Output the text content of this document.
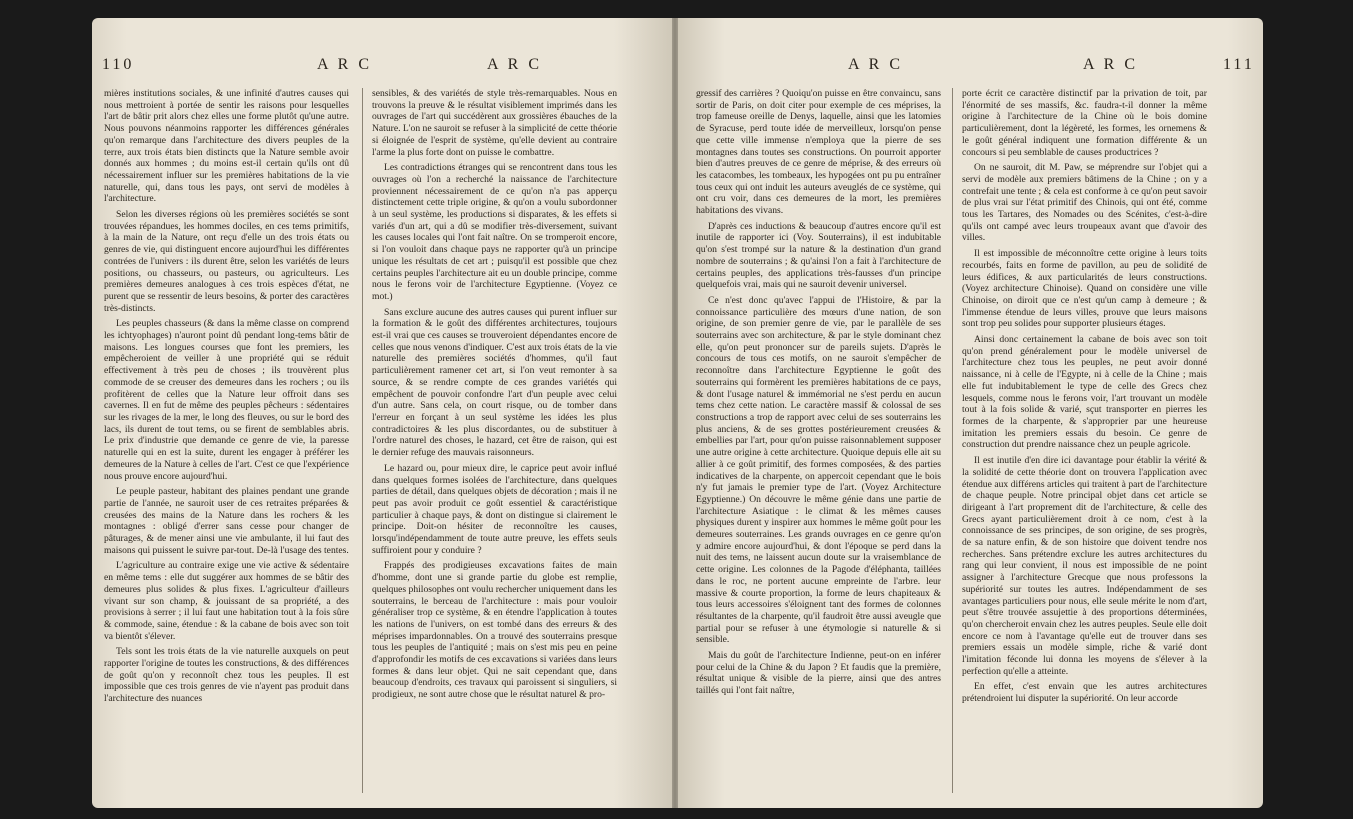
110	A R C	A R C

mières institutions sociales, & une infinité d'autres causes qui nous mettroient à portée de sentir les raisons pour lesquelles l'art de bâtir prit alors chez elles une forme plutôt qu'une autre. Nous pouvons néanmoins rapporter les différences générales qu'on remarque dans l'architecture des divers peuples de la terre, aux trois états bien distincts que la Nature semble avoir donnés aux hommes ; du moins est-il certain qu'ils ont dû nécessairement influer sur les premières habitations de la vie naturelle, qui, dans tous les pays, ont servi de modèles à l'architecture.

Selon les diverses régions où les premières sociétés se sont trouvées répandues, les hommes dociles, en ces tems primitifs, à la main de la Nature, ont reçu d'elle un des trois états ou genres de vie, qui distinguent encore aujourd'hui les différentes contrées de l'univers : ils durent être, selon les variétés de leurs positions, ou chasseurs, ou pasteurs, ou agriculteurs. Les premières demeures analogues à ces trois espèces d'état, ne purent que se ressentir de leurs besoins, & porter des caractères très-distincts.

Les peuples chasseurs (& dans la même classe on comprend les ichtyophages) n'auront point dû pendant long-tems bâtir de maisons. Les longues courses que font les premiers, les empêcheroient de veiller à une propriété qui se réduit effectivement à très peu de choses ; ils trouvèrent plus commode de se creuser des demeures dans les rochers ; ou ils profitèrent de celles que la Nature leur offroit dans ses cavernes. Il en fut de même des peuples pêcheurs : sédentaires sur les rivages de la mer, le long des fleuves, ou sur le bord des lacs, ils durent de tout tems, ou se firent de semblables abris. Le prix d'industrie que demande ce genre de vie, la paresse naturelle qui en est la suite, durent les engager à préférer les demeures de la Nature à celles de l'art. C'est ce que l'expérience nous prouve encore aujourd'hui.

Le peuple pasteur, habitant des plaines pendant une grande partie de l'année, ne sauroit user de ces retraites préparées & creusées des mains de la Nature dans les rochers & les montagnes : obligé d'errer sans cesse pour changer de pâturages, & de mener ainsi une vie ambulante, il lui faut des maisons qui puissent le suivre par-tout. De-là l'usage des tentes.

L'agriculture au contraire exige une vie active & sédentaire en même tems : elle dut suggérer aux hommes de se bâtir des demeures plus solides & plus fixes. L'agriculteur d'ailleurs vivant sur son champ, & jouissant de sa propriété, a des provisions à serrer ; il lui faut une habitation tout à la fois sûre & commode, saine, étendue : & la cabane de bois avec son toit va bientôt s'élever.

Tels sont les trois états de la vie naturelle auxquels on peut rapporter l'origine de toutes les constructions, & des différences de goût qu'on y reconnoît chez tous les peuples. Il est impossible que ces trois genres de vie n'ayent pas produit dans l'architecture des nuances

sensibles, & des variétés de style très-remarquables. Nous en trouvons la preuve & le résultat visiblement imprimés dans les ouvrages de l'art qui succédèrent aux grossières ébauches de la Nature. L'on ne sauroit se refuser à la simplicité de cette théorie si éloignée de l'esprit de système, qu'elle devient au contraire l'arme la plus forte dont on puisse le combattre.

Les contradictions étranges qui se rencontrent dans tous les ouvrages où l'on a recherché la naissance de l'architecture proviennent nécessairement de ce qu'on n'a pas apperçu distinctement cette triple origine, & qu'on a voulu subordonner à un seul système, les productions si disparates, & les effets si variés d'un art, qui a dû se modifier très-diversement, suivant les causes locales qui l'ont fait naître. On se tromperoit encore, si l'on vouloit dans chaque pays ne rapporter qu'à un principe unique les résultats de cet art ; puisqu'il est possible que chez certains peuples l'architecture ait eu un double principe, comme nous le ferons voir de l'architecture Egyptienne. (Voyez ce mot.)

Sans exclure aucune des autres causes qui purent influer sur la formation & le goût des différentes architectures, toujours est-il vrai que ces causes se trouveroient dépendantes encore de celles que nous venons d'indiquer. C'est aux trois états de la vie naturelle des premières sociétés d'hommes, qu'il faut particulièrement ramener cet art, si l'on veut remonter à sa source, & se rendre compte de ces grandes variétés qui empêchent de pouvoir confondre l'art d'un peuple avec celui d'un autre. Sans cela, on court risque, ou de tomber dans l'erreur en forçant à un seul système les idées les plus contradictoires & les plus discordantes, ou de substituer à l'ordre naturel des choses, le hazard, cet être de raison, qui est le dernier refuge des mauvais raisonneurs.

Le hazard ou, pour mieux dire, le caprice peut avoir influé dans quelques formes isolées de l'architecture, dans quelques parties de détail, dans quelques objets de décoration ; mais il ne peut pas avoir produit ce goût essentiel & caractéristique particulier à chaque pays, & dont on distingue si clairement le principe. Doit-on hésiter de reconnoître les causes, lorsqu'indépendamment de toute autre preuve, les effets seuls suffiroient pour y conduire ?

Frappés des prodigieuses excavations faites de main d'homme, dont une si grande partie du globe est remplie, quelques philosophes ont voulu rechercher uniquement dans les souterrains, le berceau de l'architecture : mais pour vouloir généraliser trop ce système, & en étendre l'application à toutes les nations de l'univers, on est tombé dans des erreurs & des méprises impardonnables. On a trouvé des souterrains presque tous les peuples de l'antiquité ; mais on s'est mis peu en peine d'approfondir les motifs de ces excavations si variées dans leurs formes & dans leur objet. Qui ne sait cependant que, dans beaucoup d'endroits, ces travaux qui paroissent si singuliers, si prodigieux, ne sont autre chose que le résultat naturel & pro-

A R C	A R C	111

gressif des carrières ? Quoiqu'on puisse en être convaincu, sans sortir de Paris, on doit citer pour exemple de ces méprises, la trop fameuse oreille de Denys, laquelle, ainsi que les latomies de Syracuse, perd toute idée de merveilleux, lorsqu'on pense que cette ville immense n'employa que la pierre de ses montagnes dans toutes ses constructions. On pourroit apporter bien d'autres preuves de ce genre de méprise, & des erreurs où les catacombes, les tombeaux, les hypogées ont pu pu entraîner tous ceux qui ont induit les auteurs aveuglés de ce système, qui ont cru voir, dans ces demeures de la mort, les premières habitations des vivans.

D'après ces inductions & beaucoup d'autres encore qu'il est inutile de rapporter ici (Voy. Souterrains), il est indubitable qu'on s'est trompé sur la nature & la destination d'un grand nombre de souterrains ; & qu'ainsi l'on a fait à l'architecture de certains peuples, des applications très-fausses d'un principe quelquefois vrai, mais qui ne sauroit devenir universel.

Ce n'est donc qu'avec l'appui de l'Histoire, & par la connoissance particulière des mœurs d'une nation, de son origine, de son premier genre de vie, par le parallèle de ses souterrains avec son architecture, & par le style dominant chez elle, qu'on peut prononcer sur de pareils sujets. D'après le concours de tous ces motifs, on ne sauroit s'empêcher de reconnoître dans l'architecture Egyptienne le goût des souterrains qui formèrent les premières habitations de ce pays, & dont l'usage naturel & immémorial ne s'est perdu en aucun tems chez cette nation. Le caractère massif & colossal de ses constructions a trop de rapport avec celui de ses souterrains les plus anciens, & de ses grottes postérieurement creusées & embellies par l'art, pour qu'on puisse raisonnablement supposer une autre origine à cette architecture. Quoique depuis elle ait su allier à ce goût primitif, des formes composées, & des parties indicatives de la charpente, on appercoit cependant que le bois n'y fut jamais le premier type de l'art. (Voyez Architecture Egyptienne.) On découvre le même génie dans une partie de l'architecture Asiatique : le climat & les mêmes causes physiques durent y inspirer aux hommes le même goût pour les demeures souterraines. Les grands ouvrages en ce genre qu'on y admire encore aujourd'hui, & dont l'époque se perd dans la nuit des tems, ne laissent aucun doute sur la vraisemblance de cette origine. Les colonnes de la Pagode d'éléphanta, taillées dans le roc, ne portent aucune empreinte de l'arbre. leur massive & courte proportion, la forme de leurs chapiteaux & tous leurs accessoires s'éloignent tant des formes de colonnes résultantes de la charpente, qu'il faudroit être aussi aveugle que partial pour se refuser à une étymologie si naturelle & si sensible.

Mais du goût de l'architecture Indienne, peut-on en inférer pour celui de la Chine & du Japon ? Et faudis que la première, résultat unique & visible de la pierre, ainsi que des antres taillés qui l'ont fait naître,

porte écrit ce caractère distinctif par la privation de toit, par l'énormité de ses massifs, &c. faudra-t-il donner la même origine à l'architecture de la Chine où le bois domine particulièrement, dont la légèreté, les formes, les ornemens & le goût général indiquent une formation différente & un concours si peu semblable de causes productrices ?

On ne sauroit, dit M. Paw, se méprendre sur l'objet qui a servi de modèle aux premiers bâtimens de la Chine ; on y a contrefait une tente ; & cela est conforme à ce qu'on peut savoir de plus vrai sur l'état primitif des Chinois, qui ont été, comme tous les Tartares, des Nomades ou des Scénites, c'est-à-dire qu'ils ont campé avec leurs troupeaux avant que d'avoir des villes.

Il est impossible de méconnoître cette origine à leurs toits recourbés, faits en forme de pavillon, au peu de solidité de leurs édifices, & aux particularités de leurs constructions. (Voyez architecture Chinoise). Quand on considère une ville Chinoise, on diroit que ce n'est qu'un camp à demeure ; & l'immense étendue de leurs villes, prouve que leurs maisons sont trop peu solides pour supporter plusieurs étages.

Ainsi donc certainement la cabane de bois avec son toit qu'on prend généralement pour le modèle universel de l'architecture chez tous les peuples, ne peut avoir donné naissance, ni à celle de l'Egypte, ni à celle de la Chine ; mais elle fut indubitablement le type de celle des Grecs chez lesquels, comme nous le ferons voir, l'art trouvant un modèle tout à la fois solide & varié, sçut transporter en pierres les formes de la charpente, & s'approprier par une heureuse imitation les premiers essais du besoin. Ce genre de construction dut prendre naissance chez un peuple agricole.

Il est inutile d'en dire ici davantage pour établir la vérité & la solidité de cette théorie dont on trouvera l'application avec étendue aux différens articles qui traitent à part de l'architecture de chaque peuple. Notre principal objet dans cet article se dirigeant à l'art proprement dit de l'architecture, & celle des Grecs ayant particulièrement droit à ce nom, c'est à la connoissance de ses principes, de son origine, de ses progrès, de sa nature enfin, & de son histoire que doivent tendre nos recherches. Sans prétendre exclure les autres architectures du rang qui leur convient, il nous est impossible de ne point assigner à l'architecture Grecque que nous professons la supériorité sur toutes les autres. Indépendamment de ses avantages particuliers pour nous, elle seule mérite le nom d'art, peut s'être trouvée assujettie à des proportions déterminées, qu'on chercheroit envain chez les autres peuples. Seule elle doit encore ce nom à l'avantage qu'elle eut de trouver dans ses premiers essais un modèle simple, riche & varié dont l'imitation féconde lui donna les moyens de s'élever à la perfection qu'elle a atteinte.

En effet, c'est envain que les autres architectures prétendroient lui disputer la supériorité. On leur accorde
